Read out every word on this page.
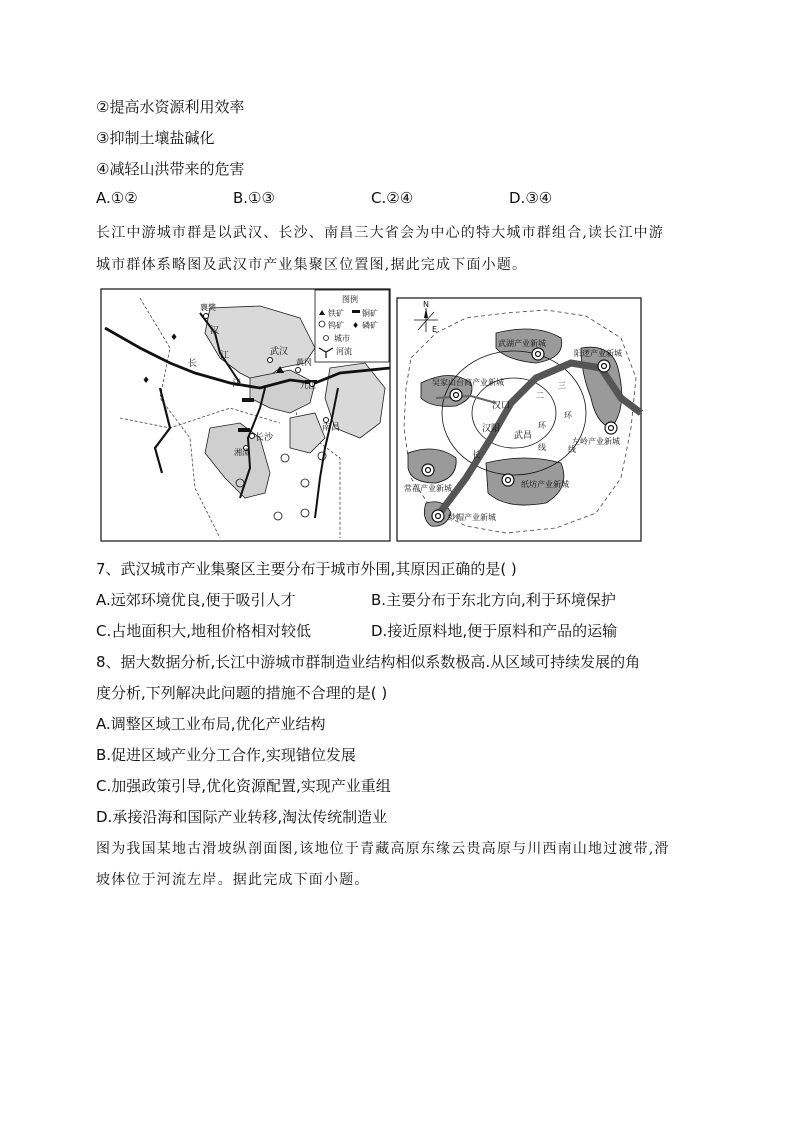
②提高水资源利用效率
③抑制土壤盐碱化
④减轻山洪带来的危害
A.①②	B.①③	C.②④	D.③④
长江中游城市群是以武汉、长沙、南昌三大省会为中心的特大城市群组合,读长江中游
城市群体系略图及武汉市产业集聚区位置图,据此完成下面小题。
♦
♦
襄樊
武汉
黄冈
九江
长沙
湘潭
南昌
汉
江
长
江
图例
铁矿 铜矿
钨矿 ♦ 磷矿
城市
河流
N
E
武湖产业新城
阳逻产业新城
吴家山台商产业新城
左岭产业新城
常福产业新城	纸坊产业新城
纱帽产业新城
汉口
汉阳
武昌
二
环
线
三
环
线
长
7、武汉城市产业集聚区主要分布于城市外围,其原因正确的是( )
A.远郊环境优良,便于吸引人才	B.主要分布于东北方向,利于环境保护
C.占地面积大,地租价格相对较低	D.接近原料地,便于原料和产品的运输
8、据大数据分析,长江中游城市群制造业结构相似系数极高.从区域可持续发展的角
度分析,下列解决此问题的措施不合理的是( )
A.调整区域工业布局,优化产业结构
B.促进区域产业分工合作,实现错位发展
C.加强政策引导,优化资源配置,实现产业重组
D.承接沿海和国际产业转移,淘汰传统制造业
图为我国某地古滑坡纵剖面图,该地位于青藏高原东缘云贵高原与川西南山地过渡带,滑
坡体位于河流左岸。据此完成下面小题。
